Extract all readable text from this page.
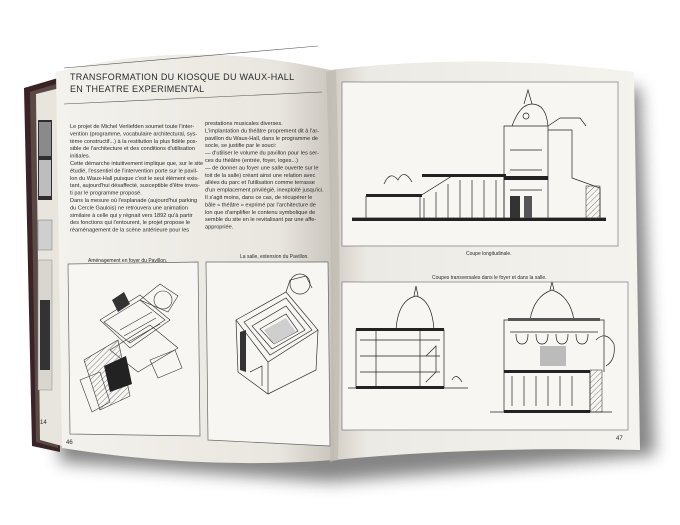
14
TRANSFORMATION DU KIOSQUE DU WAUX-HALL EN THEATRE EXPERIMENTAL
Le projet de Michel Verliefden soumet toute l'inter-vention (programme, vocabulaire architectural, sys-tème constructif...) à la restitution la plus fidèle pos-sible de l'architecture et des conditions d'utilisation initiales. Cette démarche intuitivement implique que, sur le site étudié, l'essentiel de l'intervention porte sur le pavil-lon du Waux-Hall puisque c'est le seul élément exis-tant, aujourd'hui désaffecté, susceptible d'être inves-ti par le programme proposé. Dans la mesure où l'esplanade (aujourd'hui parking du Cercle Gaulois) ne retrouvera une animation similaire à celle qui y régnait vers 1892 qu'à partir des fonctions qui l'entourent, le projet propose le réaménagement de la scène antérieure pour les
prestations musicales diverses. L'implantation du théâtre proprement dit à l'ar-pavillon du Waux-Hall, dans le programme de socle, se justifie par le souci: — d'utiliser le volume du pavillon pour les ser-ces du théâtre (entrée, foyer, loges...) — de donner au foyer une salle ouverte sur le toit de la salle) créant ainsi une relation avec allées du parc et l'utilisation comme terrasse d'un emplacement privilégié, inexploité jusqu'ici. Il s'agit moins, dans ce cas, de récupérer le bâle « théâtre » exprimé par l'architecture de lon que d'amplifier le contenu symbolique de semble du site en le revitalisant par une affe-appropriée.
Aménagement en foyer du Pavillon.
La salle, extension du Pavillon.
46
Coupe longitudinale.
Coupes transversales dans le foyer et dans la salle.
47
